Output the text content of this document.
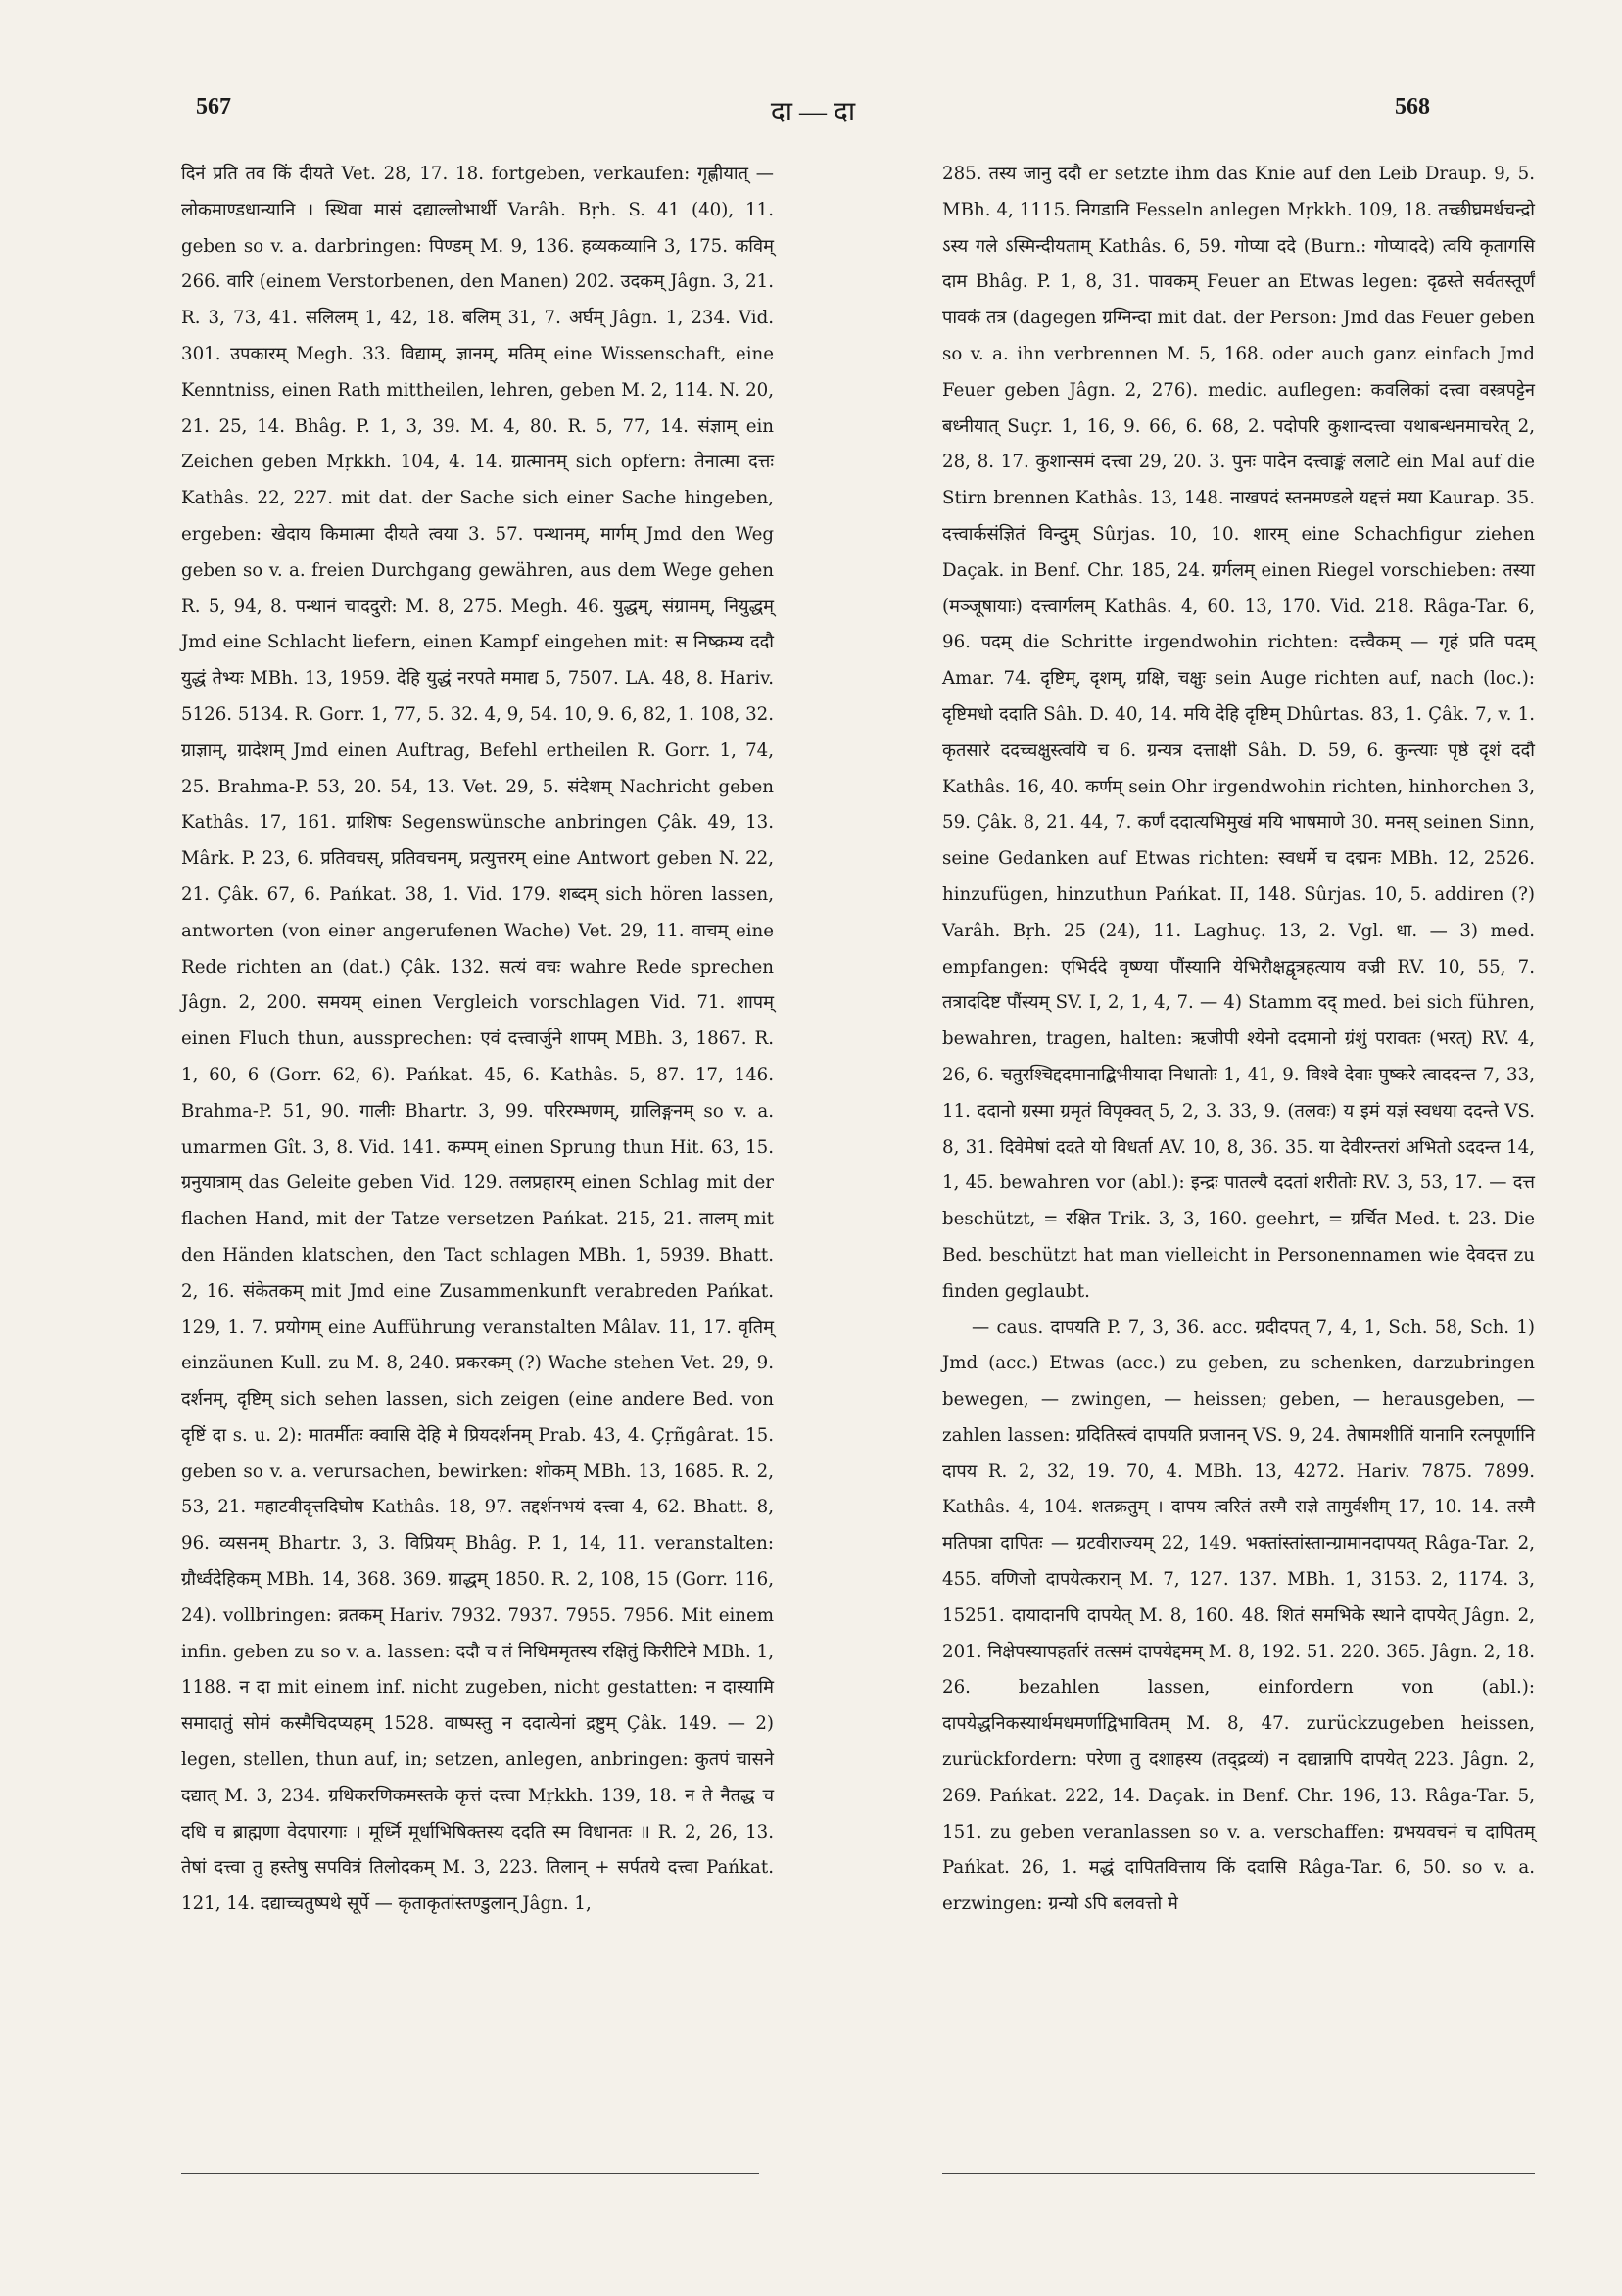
567	दा — दा	568

दिनं प्रति तव किं दीयते Vet. 28, 17. 18. fortgeben, verkaufen: गृह्णीयात् — लोकमाण्डधान्यानि । स्थिवा मासं दद्याल्लोभार्थी Varâh. Bṛh. S. 41 (40), 11. geben so v. a. darbringen: पिण्डम् M. 9, 136. हव्यकव्यानि 3, 175. कविम् 266. वारि (einem Verstorbenen, den Manen) 202. उदकम् Jâgn. 3, 21. R. 3, 73, 41. सलिलम् 1, 42, 18. बलिम् 31, 7. अर्घम् Jâgn. 1, 234. Vid. 301. उपकारम् Megh. 33. विद्याम्, ज्ञानम्, मतिम् eine Wissenschaft, eine Kenntniss, einen Rath mittheilen, lehren, geben M. 2, 114. N. 20, 21. 25, 14. Bhâg. P. 1, 3, 39. M. 4, 80. R. 5, 77, 14. संज्ञाम् ein Zeichen geben Mṛkkh. 104, 4. 14. ग्रात्मानम् sich opfern: तेनात्मा दत्तः Kathâs. 22, 227. mit dat. der Sache sich einer Sache hingeben, ergeben: खेदाय किमात्मा दीयते त्वया 3. 57. पन्थानम्, मार्गम् Jmd den Weg geben so v. a. freien Durchgang gewähren, aus dem Wege gehen R. 5, 94, 8. पन्थानं चाददुरो: M. 8, 275. Megh. 46. युद्धम्, संग्रामम्, नियुद्धम् Jmd eine Schlacht liefern, einen Kampf eingehen mit: स निष्क्रम्य ददौ युद्धं तेभ्यः MBh. 13, 1959. देहि युद्धं नरपते ममाद्य 5, 7507. LA. 48, 8. Hariv. 5126. 5134. R. Gorr. 1, 77, 5. 32. 4, 9, 54. 10, 9. 6, 82, 1. 108, 32. ग्राज्ञाम्, ग्रादेशम् Jmd einen Auftrag, Befehl ertheilen R. Gorr. 1, 74, 25. Brahma-P. 53, 20. 54, 13. Vet. 29, 5. संदेशम् Nachricht geben Kathâs. 17, 161. ग्राशिषः Segenswünsche anbringen Çâk. 49, 13. Mârk. P. 23, 6. प्रतिवचस्, प्रतिवचनम्, प्रत्युत्तरम् eine Antwort geben N. 22, 21. Çâk. 67, 6. Pańkat. 38, 1. Vid. 179. शब्दम् sich hören lassen, antworten (von einer angerufenen Wache) Vet. 29, 11. वाचम् eine Rede richten an (dat.) Çâk. 132. सत्यं वचः wahre Rede sprechen Jâgn. 2, 200. समयम् einen Vergleich vorschlagen Vid. 71. शापम् einen Fluch thun, aussprechen: एवं दत्त्वार्जुने शापम् MBh. 3, 1867. R. 1, 60, 6 (Gorr. 62, 6). Pańkat. 45, 6. Kathâs. 5, 87. 17, 146. Brahma-P. 51, 90. गालीः Bhartr. 3, 99. परिरम्भणम्, ग्रालिङ्गनम् so v. a. umarmen Gît. 3, 8. Vid. 141. कम्पम् einen Sprung thun Hit. 63, 15. ग्रनुयात्राम् das Geleite geben Vid. 129. तलप्रहारम् einen Schlag mit der flachen Hand, mit der Tatze versetzen Pańkat. 215, 21. तालम् mit den Händen klatschen, den Tact schlagen MBh. 1, 5939. Bhatt. 2, 16. संकेतकम् mit Jmd eine Zusammenkunft verabreden Pańkat. 129, 1. 7. प्रयोगम् eine Aufführung veranstalten Mâlav. 11, 17. वृतिम् einzäunen Kull. zu M. 8, 240. प्रकरकम् (?) Wache stehen Vet. 29, 9. दर्शनम्, दृष्टिम् sich sehen lassen, sich zeigen (eine andere Bed. von दृष्टिं दा s. u. 2): मातर्मीतः क्वासि देहि मे प्रियदर्शनम् Prab. 43, 4. Çṛñgârat. 15. geben so v. a. verursachen, bewirken: शोकम् MBh. 13, 1685. R. 2, 53, 21. महाटवीदृत्तदिघोष Kathâs. 18, 97. तद्दर्शनभयं दत्त्वा 4, 62. Bhatt. 8, 96. व्यसनम् Bhartr. 3, 3. विप्रियम् Bhâg. P. 1, 14, 11. veranstalten: ग्रौर्ध्वदेहिकम् MBh. 14, 368. 369. ग्राद्धम् 1850. R. 2, 108, 15 (Gorr. 116, 24). vollbringen: व्रतकम् Hariv. 7932. 7937. 7955. 7956. Mit einem infin. geben zu so v. a. lassen: ददौ च तं निधिममृतस्य रक्षितुं किरीटिने MBh. 1, 1188. न दा mit einem inf. nicht zugeben, nicht gestatten: न दास्यामि समादातुं सोमं कस्मैचिदप्यहम् 1528. वाष्पस्तु न ददात्येनां द्रष्टुम् Çâk. 149. — 2) legen, stellen, thun auf, in; setzen, anlegen, anbringen: कुतपं चासने दद्यात् M. 3, 234. ग्रधिकरणिकमस्तके कृत्तं दत्त्वा Mṛkkh. 139, 18. न ते नैतद्ध च दधि च ब्राह्मणा वेदपारगाः । मूर्ध्नि मूर्धाभिषिक्तस्य ददति स्म विधानतः ॥ R. 2, 26, 13. तेषां दत्त्वा तु हस्तेषु सपवित्रं तिलोदकम् M. 3, 223. तिलान् + सर्पतये दत्त्वा Pańkat. 121, 14. दद्याच्चतुष्पथे सूर्पे — कृताकृतांस्तण्डुलान् Jâgn. 1,

285. तस्य जानु ददौ er setzte ihm das Knie auf den Leib Draup. 9, 5. MBh. 4, 1115. निगडानि Fesseln anlegen Mṛkkh. 109, 18. तच्छीघ्रमर्धचन्द्रो ऽस्य गले ऽस्मिन्दीयताम् Kathâs. 6, 59. गोप्या ददे (Burn.: गोप्याददे) त्वयि कृतागसि दाम Bhâg. P. 1, 8, 31. पावकम् Feuer an Etwas legen: दृढस्ते सर्वतस्तूर्णं पावकं तत्र (dagegen ग्रग्निन्दा mit dat. der Person: Jmd das Feuer geben so v. a. ihn verbrennen M. 5, 168. oder auch ganz einfach Jmd Feuer geben Jâgn. 2, 276). medic. auflegen: कवलिकां दत्त्वा वस्त्रपट्टेन बध्नीयात् Suçr. 1, 16, 9. 66, 6. 68, 2. पदोपरि कुशान्दत्त्वा यथाबन्धनमाचरेत् 2, 28, 8. 17. कुशान्समं दत्त्वा 29, 20. 3. पुनः पादेन दत्त्वाङ्कं ललाटे ein Mal auf die Stirn brennen Kathâs. 13, 148. नाखपदं स्तनमण्डले यद्दत्तं मया Kaurap. 35. दत्त्वार्कसंज्ञितं विन्दुम् Sûrjas. 10, 10. शारम् eine Schachfigur ziehen Daçak. in Benf. Chr. 185, 24. ग्रर्गलम् einen Riegel vorschieben: तस्या (मञ्जूषायाः) दत्त्वार्गलम् Kathâs. 4, 60. 13, 170. Vid. 218. Râga-Tar. 6, 96. पदम् die Schritte irgendwohin richten: दत्त्वैकम् — गृहं प्रति पदम् Amar. 74. दृष्टिम्, दृशम्, ग्रक्षि, चक्षुः sein Auge richten auf, nach (loc.): दृष्टिमधो ददाति Sâh. D. 40, 14. मयि देहि दृष्टिम् Dhûrtas. 83, 1. Çâk. 7, v. 1. कृतसारे ददच्चक्षुस्त्वयि च 6. ग्रन्यत्र दत्ताक्षी Sâh. D. 59, 6. कुन्त्याः पृष्ठे दृशं ददौ Kathâs. 16, 40. कर्णम् sein Ohr irgendwohin richten, hinhorchen 3, 59. Çâk. 8, 21. 44, 7. कर्णं ददात्यभिमुखं मयि भाषमाणे 30. मनस् seinen Sinn, seine Gedanken auf Etwas richten: स्वधर्मे च दद्मनः MBh. 12, 2526. hinzufügen, hinzuthun Pańkat. II, 148. Sûrjas. 10, 5. addiren (?) Varâh. Bṛh. 25 (24), 11. Laghuç. 13, 2. Vgl. धा. — 3) med. empfangen: एभिर्ददे वृष्ण्या पौंस्यानि येभिरौक्षद्वृत्रहत्याय वज्री RV. 10, 55, 7. तत्राददिष्ट पौंस्यम् SV. I, 2, 1, 4, 7. — 4) Stamm दद् med. bei sich führen, bewahren, tragen, halten: ऋजीपी श्येनो ददमानो ग्रंशुं परावतः (भरत्) RV. 4, 26, 6. चतुरश्चिद्ददमानाद्बिभीयादा निधातोः 1, 41, 9. विश्वे देवाः पुष्करे त्वाददन्त 7, 33, 11. ददानो ग्रस्मा ग्रमृतं विपृक्वत् 5, 2, 3. 33, 9. (तलवः) य इमं यज्ञं स्वधया ददन्ते VS. 8, 31. दिवेमेषां ददते यो विधर्ता AV. 10, 8, 36. 35. या देवीरन्तरां अभितो ऽददन्त 14, 1, 45. bewahren vor (abl.): इन्द्रः पातल्यै ददतां शरीतोः RV. 3, 53, 17. — दत्त beschützt, = रक्षित Trik. 3, 3, 160. geehrt, = ग्रर्चित Med. t. 23. Die Bed. beschützt hat man vielleicht in Personennamen wie देवदत्त zu finden geglaubt.

— caus. दापयति P. 7, 3, 36. acc. ग्रदीदपत् 7, 4, 1, Sch. 58, Sch. 1) Jmd (acc.) Etwas (acc.) zu geben, zu schenken, darzubringen bewegen, — zwingen, — heissen; geben, — herausgeben, — zahlen lassen: ग्रदितिस्त्वं दापयति प्रजानन् VS. 9, 24. तेषामशीतिं यानानि रत्नपूर्णानि दापय R. 2, 32, 19. 70, 4. MBh. 13, 4272. Hariv. 7875. 7899. Kathâs. 4, 104. शतक्रतुम् । दापय त्वरितं तस्मै राज्ञे तामुर्वशीम् 17, 10. 14. तस्मै मतिपत्रा दापितः — ग्रटवीराज्यम् 22, 149. भक्तांस्तांस्तान्ग्रामानदापयत् Râga-Tar. 2, 455. वणिजो दापयेत्करान् M. 7, 127. 137. MBh. 1, 3153. 2, 1174. 3, 15251. दायादानपि दापयेत् M. 8, 160. 48. शितं समभिके स्थाने दापयेत् Jâgn. 2, 201. निक्षेपस्यापहर्तारं तत्समं दापयेद्दमम् M. 8, 192. 51. 220. 365. Jâgn. 2, 18. 26. bezahlen lassen, einfordern von (abl.): दापयेद्धनिकस्यार्थमधमर्णाद्विभावितम् M. 8, 47. zurückzugeben heissen, zurückfordern: परेणा तु दशाहस्य (तद्द्रव्यं) न दद्यान्नापि दापयेत् 223. Jâgn. 2, 269. Pańkat. 222, 14. Daçak. in Benf. Chr. 196, 13. Râga-Tar. 5, 151. zu geben veranlassen so v. a. verschaffen: ग्रभयवचनं च दापितम् Pańkat. 26, 1. मद्धं दापितवित्ताय किं ददासि Râga-Tar. 6, 50. so v. a. erzwingen: ग्रन्यो ऽपि बलवत्तो मे
